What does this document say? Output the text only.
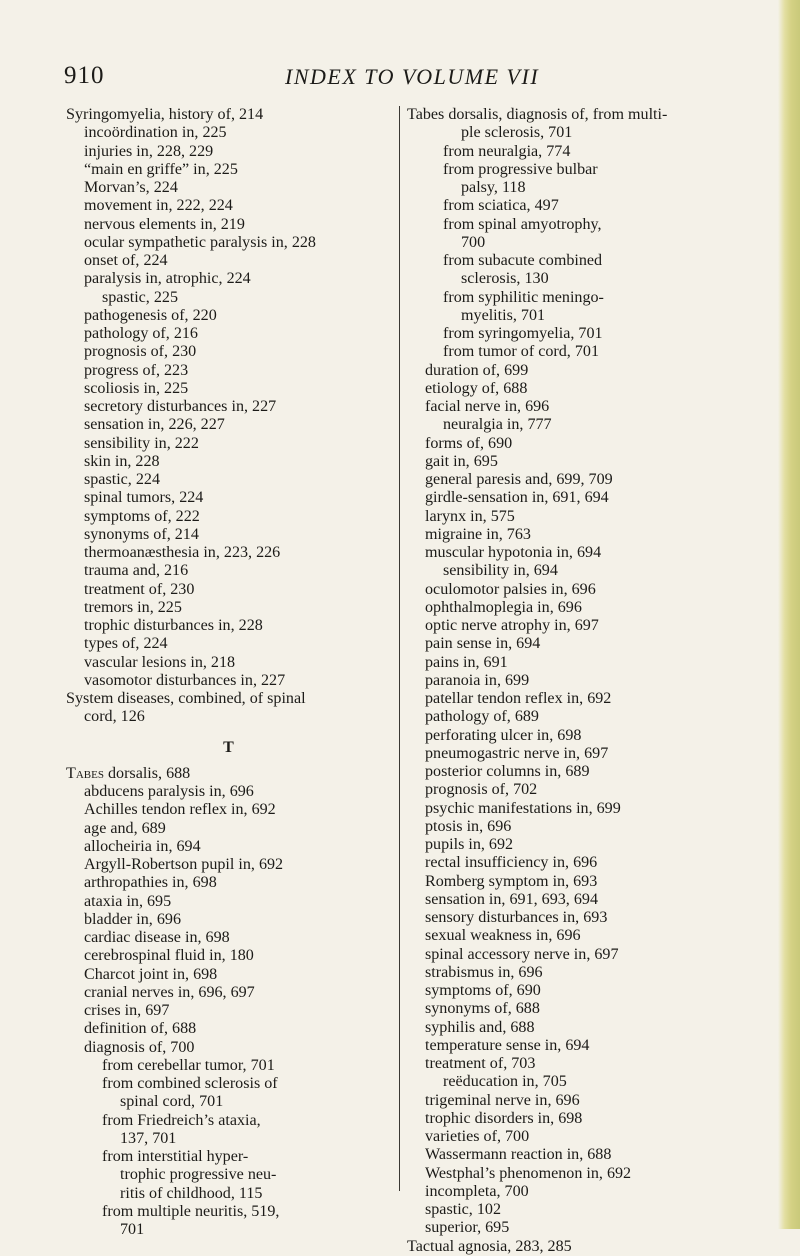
910	INDEX TO VOLUME VII
Syringomyelia, history of, 214
incoördination in, 225
injuries in, 228, 229
“main en griffe” in, 225
Morvan’s, 224
movement in, 222, 224
nervous elements in, 219
ocular sympathetic paralysis in, 228
onset of, 224
paralysis in, atrophic, 224
spastic, 225
pathogenesis of, 220
pathology of, 216
prognosis of, 230
progress of, 223
scoliosis in, 225
secretory disturbances in, 227
sensation in, 226, 227
sensibility in, 222
skin in, 228
spastic, 224
spinal tumors, 224
symptoms of, 222
synonyms of, 214
thermoanæsthesia in, 223, 226
trauma and, 216
treatment of, 230
tremors in, 225
trophic disturbances in, 228
types of, 224
vascular lesions in, 218
vasomotor disturbances in, 227
System diseases, combined, of spinal
cord, 126
T
Tabes dorsalis, 688
abducens paralysis in, 696
Achilles tendon reflex in, 692
age and, 689
allocheiria in, 694
Argyll-Robertson pupil in, 692
arthropathies in, 698
ataxia in, 695
bladder in, 696
cardiac disease in, 698
cerebrospinal fluid in, 180
Charcot joint in, 698
cranial nerves in, 696, 697
crises in, 697
definition of, 688
diagnosis of, 700
from cerebellar tumor, 701
from combined sclerosis of
spinal cord, 701
from Friedreich’s ataxia,
137, 701
from interstitial hyper-
trophic progressive neu-
ritis of childhood, 115
from multiple neuritis, 519,
701
Tabes dorsalis, diagnosis of, from multi-
ple sclerosis, 701
from neuralgia, 774
from progressive bulbar
palsy, 118
from sciatica, 497
from spinal amyotrophy,
700
from subacute combined
sclerosis, 130
from syphilitic meningo-
myelitis, 701
from syringomyelia, 701
from tumor of cord, 701
duration of, 699
etiology of, 688
facial nerve in, 696
neuralgia in, 777
forms of, 690
gait in, 695
general paresis and, 699, 709
girdle-sensation in, 691, 694
larynx in, 575
migraine in, 763
muscular hypotonia in, 694
sensibility in, 694
oculomotor palsies in, 696
ophthalmoplegia in, 696
optic nerve atrophy in, 697
pain sense in, 694
pains in, 691
paranoia in, 699
patellar tendon reflex in, 692
pathology of, 689
perforating ulcer in, 698
pneumogastric nerve in, 697
posterior columns in, 689
prognosis of, 702
psychic manifestations in, 699
ptosis in, 696
pupils in, 692
rectal insufficiency in, 696
Romberg symptom in, 693
sensation in, 691, 693, 694
sensory disturbances in, 693
sexual weakness in, 696
spinal accessory nerve in, 697
strabismus in, 696
symptoms of, 690
synonyms of, 688
syphilis and, 688
temperature sense in, 694
treatment of, 703
reëducation in, 705
trigeminal nerve in, 696
trophic disorders in, 698
varieties of, 700
Wassermann reaction in, 688
Westphal’s phenomenon in, 692
incompleta, 700
spastic, 102
superior, 695
Tactual agnosia, 283, 285
